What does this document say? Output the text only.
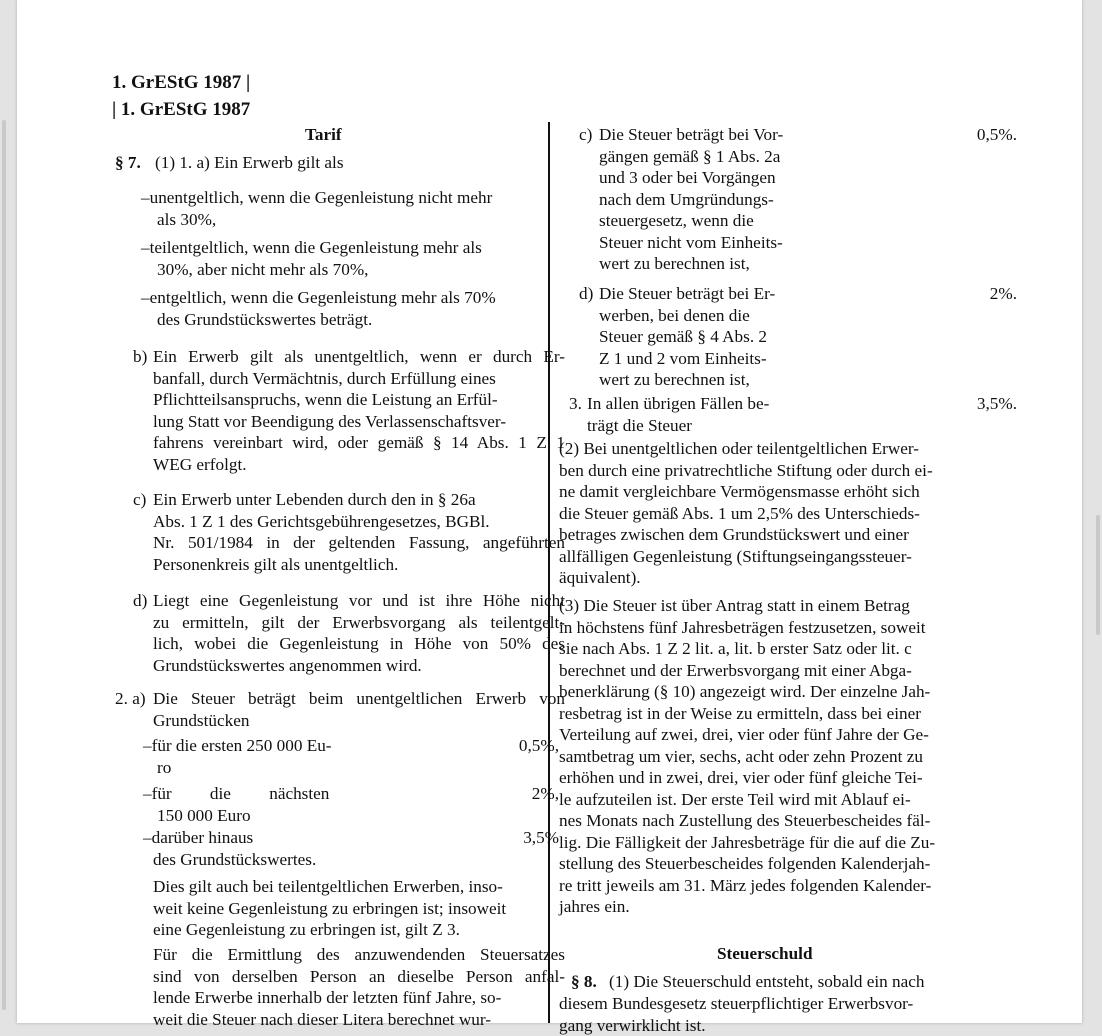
1. GrEStG 1987 |
| 1. GrEStG 1987
Tarif
§ 7. (1) 1. a) Ein Erwerb gilt als
–unentgeltlich, wenn die Gegenleistung nicht mehr
als 30%,
–teilentgeltlich, wenn die Gegenleistung mehr als
30%, aber nicht mehr als 70%,
–entgeltlich, wenn die Gegenleistung mehr als 70%
des Grundstückswertes beträgt.
b) Ein Erwerb gilt als unentgeltlich, wenn er durch Er-
banfall, durch Vermächtnis, durch Erfüllung eines
Pflichtteilsanspruchs, wenn die Leistung an Erfül-
lung Statt vor Beendigung des Verlassenschaftsver-
fahrens vereinbart wird, oder gemäß § 14 Abs. 1 Z 1
WEG erfolgt.
c) Ein Erwerb unter Lebenden durch den in § 26a
Abs. 1 Z 1 des Gerichtsgebührengesetzes, BGBl.
Nr. 501/1984 in der geltenden Fassung, angeführten
Personenkreis gilt als unentgeltlich.
d) Liegt eine Gegenleistung vor und ist ihre Höhe nicht
zu ermitteln, gilt der Erwerbsvorgang als teilentgelt-
lich, wobei die Gegenleistung in Höhe von 50% des
Grundstückswertes angenommen wird.
2. a) Die Steuer beträgt beim unentgeltlichen Erwerb von
Grundstücken
–für die ersten 250 000 Eu-
ro
0,5%,
–für die nächsten
150 000 Euro
2%,
–darüber hinaus
des Grundstückswertes.
3,5%
Dies gilt auch bei teilentgeltlichen Erwerben, inso-
weit keine Gegenleistung zu erbringen ist; insoweit
eine Gegenleistung zu erbringen ist, gilt Z 3.
Für die Ermittlung des anzuwendenden Steuersatzes
sind von derselben Person an dieselbe Person anfal-
lende Erwerbe innerhalb der letzten fünf Jahre, so-
weit die Steuer nach dieser Litera berechnet wur-
c) Die Steuer beträgt bei Vor-
gängen gemäß § 1 Abs. 2a
und 3 oder bei Vorgängen
nach dem Umgründungs-
steuergesetz, wenn die
Steuer nicht vom Einheits-
wert zu berechnen ist,
0,5%.
d) Die Steuer beträgt bei Er-
werben, bei denen die
Steuer gemäß § 4 Abs. 2
Z 1 und 2 vom Einheits-
wert zu berechnen ist,
2%.
3. In allen übrigen Fällen be-
trägt die Steuer
3,5%.
(2) Bei unentgeltlichen oder teilentgeltlichen Erwer-
ben durch eine privatrechtliche Stiftung oder durch ei-
ne damit vergleichbare Vermögensmasse erhöht sich
die Steuer gemäß Abs. 1 um 2,5% des Unterschieds-
betrages zwischen dem Grundstückswert und einer
allfälligen Gegenleistung (Stiftungseingangssteuer-
äquivalent).
(3) Die Steuer ist über Antrag statt in einem Betrag
in höchstens fünf Jahresbeträgen festzusetzen, soweit
sie nach Abs. 1 Z 2 lit. a, lit. b erster Satz oder lit. c
berechnet und der Erwerbsvorgang mit einer Abga-
benerklärung (§ 10) angezeigt wird. Der einzelne Jah-
resbetrag ist in der Weise zu ermitteln, dass bei einer
Verteilung auf zwei, drei, vier oder fünf Jahre der Ge-
samtbetrag um vier, sechs, acht oder zehn Prozent zu
erhöhen und in zwei, drei, vier oder fünf gleiche Tei-
le aufzuteilen ist. Der erste Teil wird mit Ablauf ei-
nes Monats nach Zustellung des Steuerbescheides fäl-
lig. Die Fälligkeit der Jahresbeträge für die auf die Zu-
stellung des Steuerbescheides folgenden Kalenderjah-
re tritt jeweils am 31. März jedes folgenden Kalender-
jahres ein.
Steuerschuld
§ 8. (1) Die Steuerschuld entsteht, sobald ein nach
diesem Bundesgesetz steuerpflichtiger Erwerbsvor-
gang verwirklicht ist.
